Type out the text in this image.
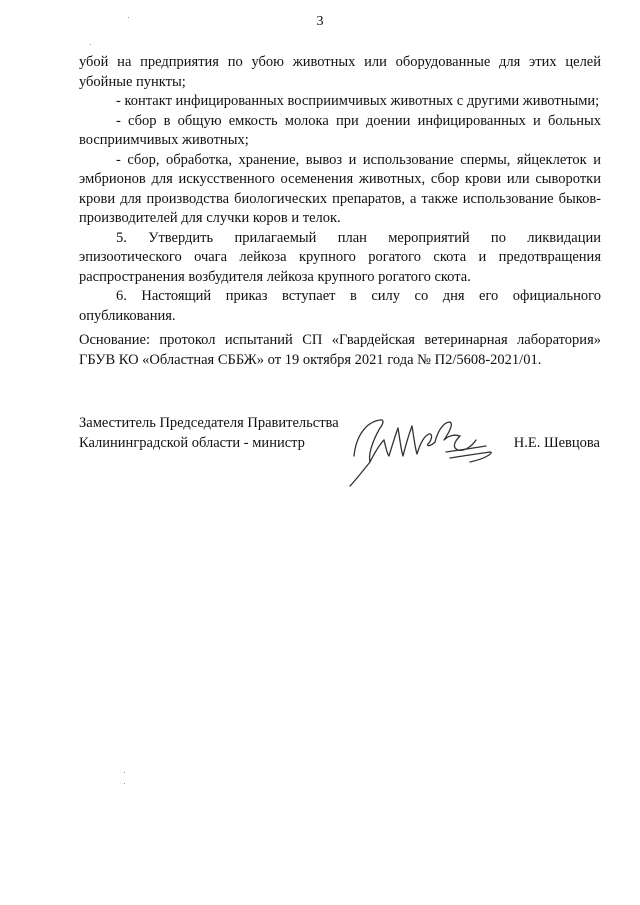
3

убой на предприятия по убою животных или оборудованные для этих целей убойные пункты;

- контакт инфицированных восприимчивых животных с другими животными;

- сбор в общую емкость молока при доении инфицированных и больных восприимчивых животных;

- сбор, обработка, хранение, вывоз и использование спермы, яйцеклеток и эмбрионов для искусственного осеменения животных, сбор крови или сыворотки крови для производства биологических препаратов, а также использование быков-производителей для случки коров и телок.

5. Утвердить прилагаемый план мероприятий по ликвидации эпизоотического очага лейкоза крупного рогатого скота и предотвращения распространения возбудителя лейкоза крупного рогатого скота.

6. Настоящий приказ вступает в силу со дня его официального опубликования.

Основание: протокол испытаний СП «Гвардейская ветеринарная лаборатория» ГБУВ КО «Областная СББЖ» от 19 октября 2021 года № П2/5608-2021/01.

Заместитель Председателя Правительства
Калининградской области - министр	Н.Е. Шевцова
